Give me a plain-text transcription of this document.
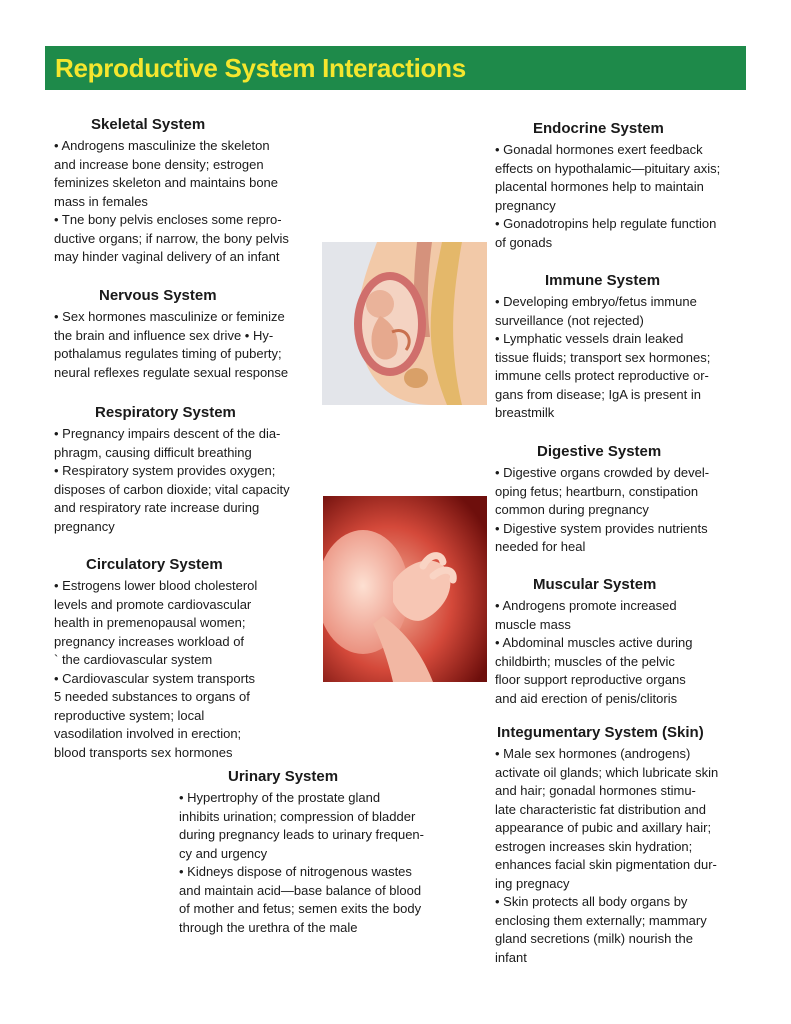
Reproductive System Interactions
Skeletal System
• Androgens masculinize the skeleton
and increase bone density; estrogen
feminizes skeleton and maintains bone
mass in females
• Tne bony pelvis encloses some repro-
ductive organs; if narrow, the bony pelvis
may hinder vaginal delivery of an infant
Nervous System
• Sex hormones masculinize or feminize
the brain and influence sex drive • Hy-
pothalamus regulates timing of puberty;
neural reflexes regulate sexual response
Respiratory System
• Pregnancy impairs descent of the dia-
phragm, causing difficult breathing
• Respiratory system provides oxygen;
disposes of carbon dioxide; vital capacity
and respiratory rate increase during
pregnancy
Circulatory System
• Estrogens lower blood cholesterol
levels and promote cardiovascular
health in premenopausal women;
pregnancy increases workload of
` the cardiovascular system
• Cardiovascular system transports
5 needed substances to organs of
reproductive system; local
vasodilation involved in erection;
blood transports sex hormones
Urinary System
• Hypertrophy of the prostate gland
inhibits urination; compression of bladder
during pregnancy leads to urinary frequen-
cy and urgency
• Kidneys dispose of nitrogenous wastes
and maintain acid—base balance of blood
of mother and fetus; semen exits the body
through the urethra of the male
Endocrine System
• Gonadal hormones exert feedback
effects on hypothalamic—pituitary axis;
placental hormones help to maintain
pregnancy
• Gonadotropins help regulate function
of gonads
Immune System
• Developing embryo/fetus immune
surveillance (not rejected)
• Lymphatic vessels drain leaked
tissue fluids; transport sex hormones;
immune cells protect reproductive or-
gans from disease; IgA is present in
breastmilk
Digestive System
• Digestive organs crowded by devel-
oping fetus; heartburn, constipation
common during pregnancy
• Digestive system provides nutrients
needed for heal
Muscular System
• Androgens promote increased
muscle mass
• Abdominal muscles active during
childbirth; muscles of the pelvic
floor support reproductive organs
and aid erection of penis/clitoris
Integumentary System (Skin)
• Male sex hormones (androgens)
activate oil glands; which lubricate skin
and hair; gonadal hormones stimu-
late characteristic fat distribution and
appearance of pubic and axillary hair;
estrogen increases skin hydration;
enhances facial skin pigmentation dur-
ing pregnacy
• Skin protects all body organs by
enclosing them externally; mammary
gland secretions (milk) nourish the
infant
